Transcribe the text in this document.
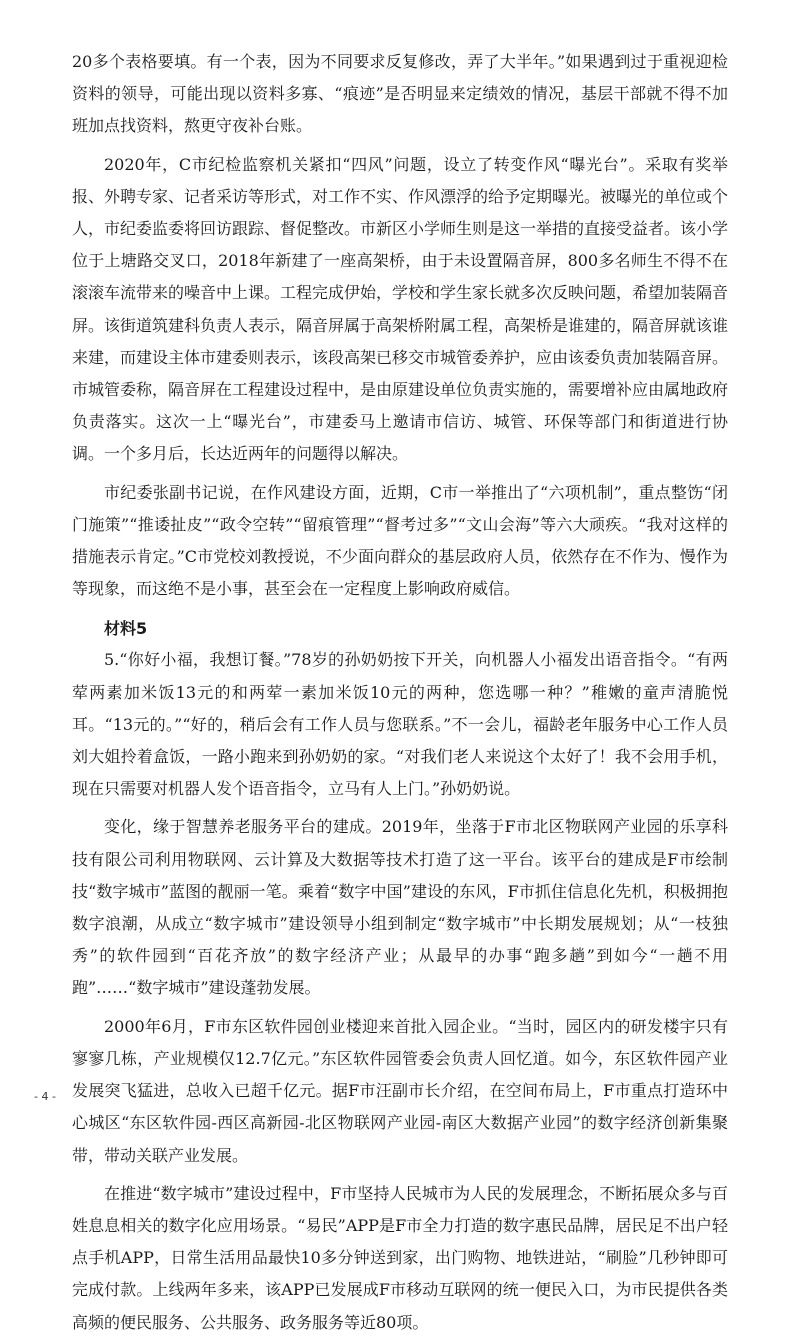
20多个表格要填。有一个表，因为不同要求反复修改，弄了大半年。”如果遇到过于重视迎检资料的领导，可能出现以资料多寡、“痕迹”是否明显来定绩效的情况，基层干部就不得不加班加点找资料，熬更守夜补台账。

2020年，C市纪检监察机关紧扣“四风”问题，设立了转变作风“曝光台”。采取有奖举报、外聘专家、记者采访等形式，对工作不实、作风漂浮的给予定期曝光。被曝光的单位或个人，市纪委监委将回访跟踪、督促整改。市新区小学师生则是这一举措的直接受益者。该小学位于上塘路交叉口，2018年新建了一座高架桥，由于未设置隔音屏，800多名师生不得不在滚滚车流带来的噪音中上课。工程完成伊始，学校和学生家长就多次反映问题，希望加装隔音屏。该街道筑建科负责人表示，隔音屏属于高架桥附属工程，高架桥是谁建的，隔音屏就该谁来建，而建设主体市建委则表示，该段高架已移交市城管委养护，应由该委负责加装隔音屏。市城管委称，隔音屏在工程建设过程中，是由原建设单位负责实施的，需要增补应由属地政府负责落实。这次一上“曝光台”，市建委马上邀请市信访、城管、环保等部门和街道进行协调。一个多月后，长达近两年的问题得以解决。

市纪委张副书记说，在作风建设方面，近期，C市一举推出了“六项机制”，重点整饬“闭门施策”“推诿扯皮”“政令空转”“留痕管理”“督考过多”“文山会海”等六大顽疾。“我对这样的措施表示肯定。”C市党校刘教授说，不少面向群众的基层政府人员，依然存在不作为、慢作为等现象，而这绝不是小事，甚至会在一定程度上影响政府威信。

材料5

5.“你好小福，我想订餐。”78岁的孙奶奶按下开关，向机器人小福发出语音指令。“有两荤两素加米饭13元的和两荤一素加米饭10元的两种，您选哪一种？”稚嫩的童声清脆悦耳。“13元的。”“好的，稍后会有工作人员与您联系。”不一会儿，福龄老年服务中心工作人员刘大姐拎着盒饭，一路小跑来到孙奶奶的家。“对我们老人来说这个太好了！我不会用手机，现在只需要对机器人发个语音指令，立马有人上门。”孙奶奶说。

变化，缘于智慧养老服务平台的建成。2019年，坐落于F市北区物联网产业园的乐享科技有限公司利用物联网、云计算及大数据等技术打造了这一平台。该平台的建成是F市绘制技“数字城市”蓝图的靓丽一笔。乘着“数字中国”建设的东风，F市抓住信息化先机，积极拥抱数字浪潮，从成立“数字城市”建设领导小组到制定“数字城市”中长期发展规划；从“一枝独秀”的软件园到“百花齐放”的数字经济产业；从最早的办事“跑多趟”到如今“一趟不用跑”……“数字城市”建设蓬勃发展。

2000年6月，F市东区软件园创业楼迎来首批入园企业。“当时，园区内的研发楼宇只有寥寥几栋，产业规模仅12.7亿元。”东区软件园管委会负责人回忆道。如今，东区软件园产业发展突飞猛进，总收入已超千亿元。据F市汪副市长介绍，在空间布局上，F市重点打造环中心城区“东区软件园-西区高新园-北区物联网产业园-南区大数据产业园”的数字经济创新集聚带，带动关联产业发展。

在推进“数字城市”建设过程中，F市坚持人民城市为人民的发展理念，不断拓展众多与百姓息息相关的数字化应用场景。“易民”APP是F市全力打造的数字惠民品牌，居民足不出户轻点手机APP，日常生活用品最快10多分钟送到家，出门购物、地铁进站，“刷脸”几秒钟即可完成付款。上线两年多来，该APP已发展成F市移动互联网的统一便民入口，为市民提供各类高频的便民服务、公共服务、政务服务等近80项。

- 4 -
